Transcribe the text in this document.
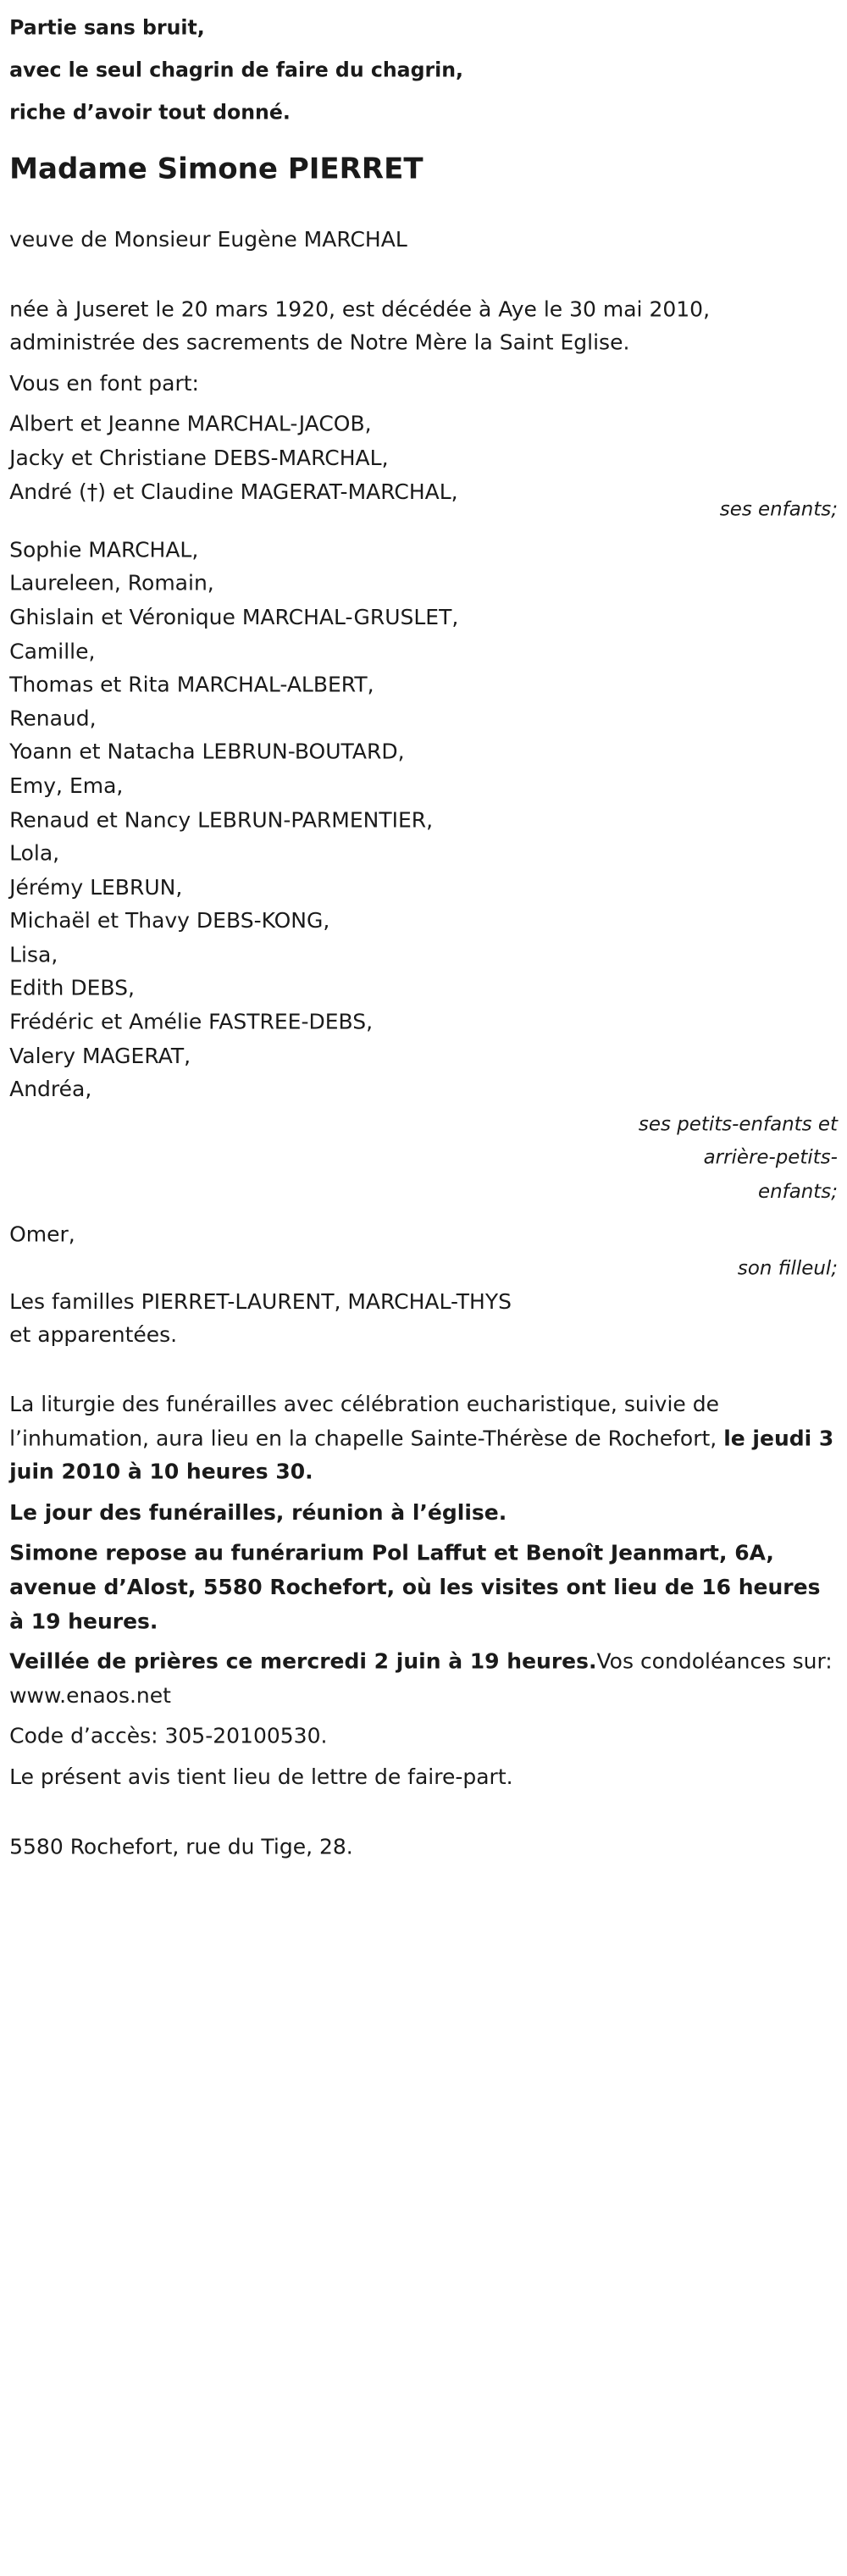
Partie sans bruit,

avec le seul chagrin de faire du chagrin,

riche d’avoir tout donné.

Madame Simone PIERRET

veuve de Monsieur Eugène MARCHAL

née à Juseret le 20 mars 1920, est décédée à Aye le 30 mai 2010,
administrée des sacrements de Notre Mère la Saint Eglise.

Vous en font part:

Albert et Jeanne MARCHAL-JACOB,
Jacky et Christiane DEBS-MARCHAL,
André (†) et Claudine MAGERAT-MARCHAL,
ses enfants;
Sophie MARCHAL,
Laureleen, Romain,
Ghislain et Véronique MARCHAL-GRUSLET,
Camille,
Thomas et Rita MARCHAL-ALBERT,
Renaud,
Yoann et Natacha LEBRUN-BOUTARD,
Emy, Ema,
Renaud et Nancy LEBRUN-PARMENTIER,
Lola,
Jérémy LEBRUN,
Michaël et Thavy DEBS-KONG,
Lisa,
Edith DEBS,
Frédéric et Amélie FASTREE-DEBS,
Valery MAGERAT,
Andréa,
ses petits-enfants et arrière-petits-enfants;

Omer,

son filleul;
Les familles PIERRET-LAURENT, MARCHAL-THYS
et apparentées.

La liturgie des funérailles avec célébration eucharistique, suivie de l’inhumation, aura lieu en la chapelle Sainte-Thérèse de Rochefort, le jeudi 3 juin 2010 à 10 heures 30.

Le jour des funérailles, réunion à l’église.

Simone repose au funérarium Pol Laffut et Benoît Jeanmart, 6A, avenue d’Alost, 5580 Rochefort, où les visites ont lieu de 16 heures à 19 heures.

Veillée de prières ce mercredi 2 juin à 19 heures.Vos condoléances sur: www.enaos.net

Code d’accès: 305-20100530.

Le présent avis tient lieu de lettre de faire-part.

5580 Rochefort, rue du Tige, 28.
